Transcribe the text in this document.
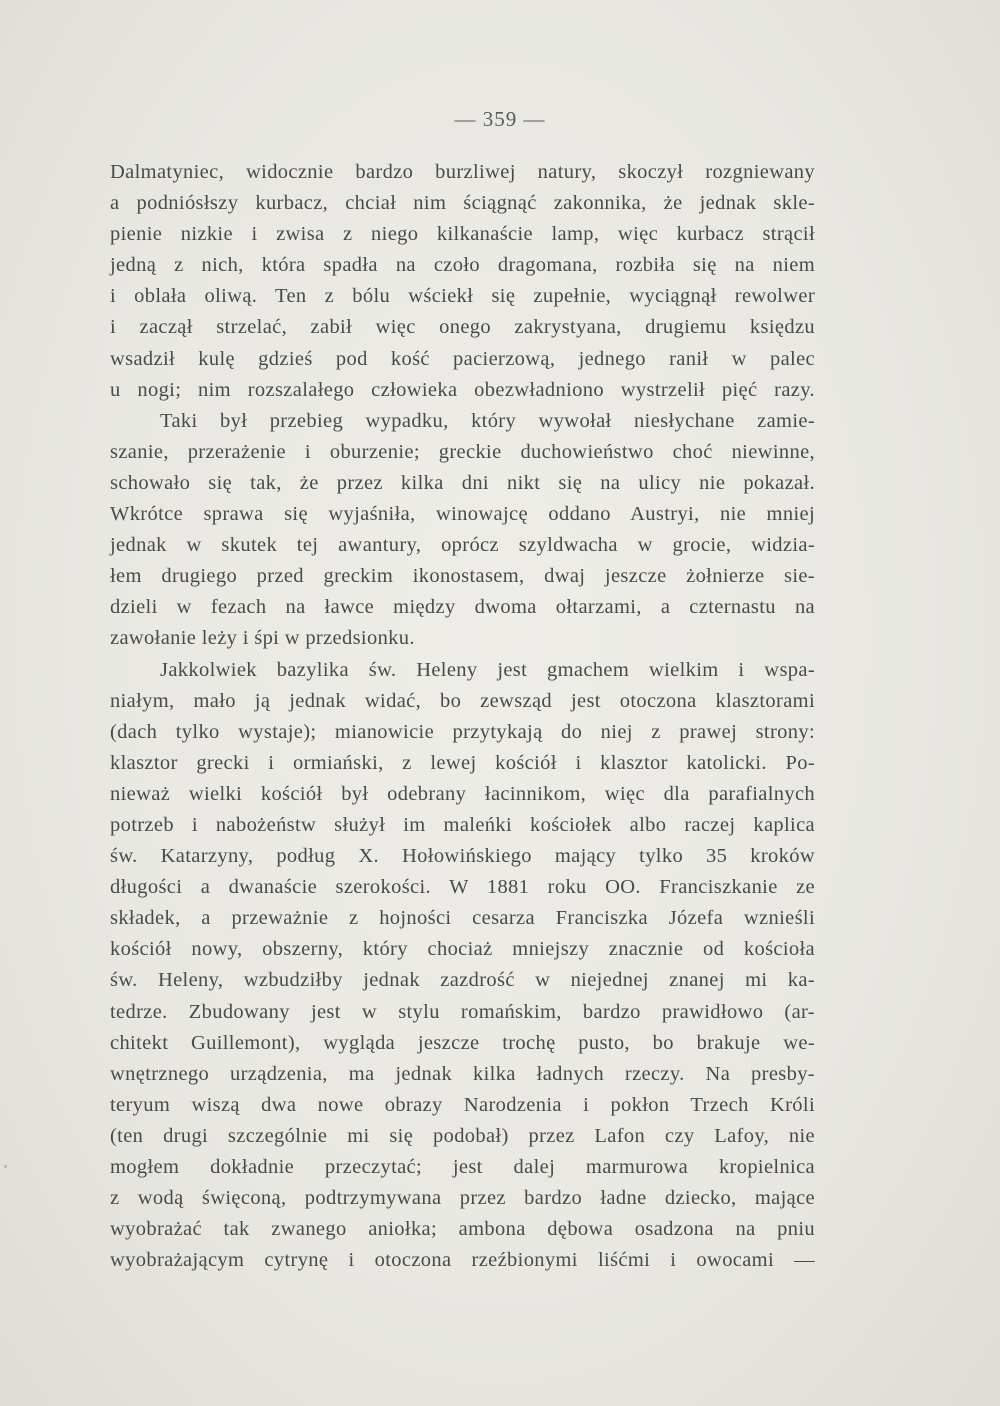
— 359 —
Dalmatyniec, widocznie bardzo burzliwej natury, skoczył rozgniewany
a podniósłszy kurbacz, chciał nim ściągnąć zakonnika, że jednak skle-
pienie nizkie i zwisa z niego kilkanaście lamp, więc kurbacz strącił
jedną z nich, która spadła na czoło dragomana, rozbiła się na niem
i oblała oliwą. Ten z bólu wściekł się zupełnie, wyciągnął rewolwer
i zaczął strzelać, zabił więc onego zakrystyana, drugiemu księdzu
wsadził kulę gdzieś pod kość pacierzową, jednego ranił w palec
u nogi; nim rozszalałego człowieka obezwładniono wystrzelił pięć razy.
Taki był przebieg wypadku, który wywołał niesłychane zamie-
szanie, przerażenie i oburzenie; greckie duchowieństwo choć niewinne,
schowało się tak, że przez kilka dni nikt się na ulicy nie pokazał.
Wkrótce sprawa się wyjaśniła, winowajcę oddano Austryi, nie mniej
jednak w skutek tej awantury, oprócz szyldwacha w grocie, widzia-
łem drugiego przed greckim ikonostasem, dwaj jeszcze żołnierze sie-
dzieli w fezach na ławce między dwoma ołtarzami, a czternastu na
zawołanie leży i śpi w przedsionku.
Jakkolwiek bazylika św. Heleny jest gmachem wielkim i wspa-
niałym, mało ją jednak widać, bo zewsząd jest otoczona klasztorami
(dach tylko wystaje); mianowicie przytykają do niej z prawej strony:
klasztor grecki i ormiański, z lewej kościół i klasztor katolicki. Po-
nieważ wielki kościół był odebrany łacinnikom, więc dla parafialnych
potrzeb i nabożeństw służył im maleńki kościołek albo raczej kaplica
św. Katarzyny, podług X. Hołowińskiego mający tylko 35 kroków
długości a dwanaście szerokości. W 1881 roku OO. Franciszkanie ze
składek, a przeważnie z hojności cesarza Franciszka Józefa wznieśli
kościół nowy, obszerny, który chociaż mniejszy znacznie od kościoła
św. Heleny, wzbudziłby jednak zazdrość w niejednej znanej mi ka-
tedrze. Zbudowany jest w stylu romańskim, bardzo prawidłowo (ar-
chitekt Guillemont), wygląda jeszcze trochę pusto, bo brakuje we-
wnętrznego urządzenia, ma jednak kilka ładnych rzeczy. Na presby-
teryum wiszą dwa nowe obrazy Narodzenia i pokłon Trzech Króli
(ten drugi szczególnie mi się podobał) przez Lafon czy Lafoy, nie
mogłem dokładnie przeczytać; jest dalej marmurowa kropielnica
z wodą święconą, podtrzymywana przez bardzo ładne dziecko, mające
wyobrażać tak zwanego aniołka; ambona dębowa osadzona na pniu
wyobrażającym cytrynę i otoczona rzeźbionymi liśćmi i owocami —
